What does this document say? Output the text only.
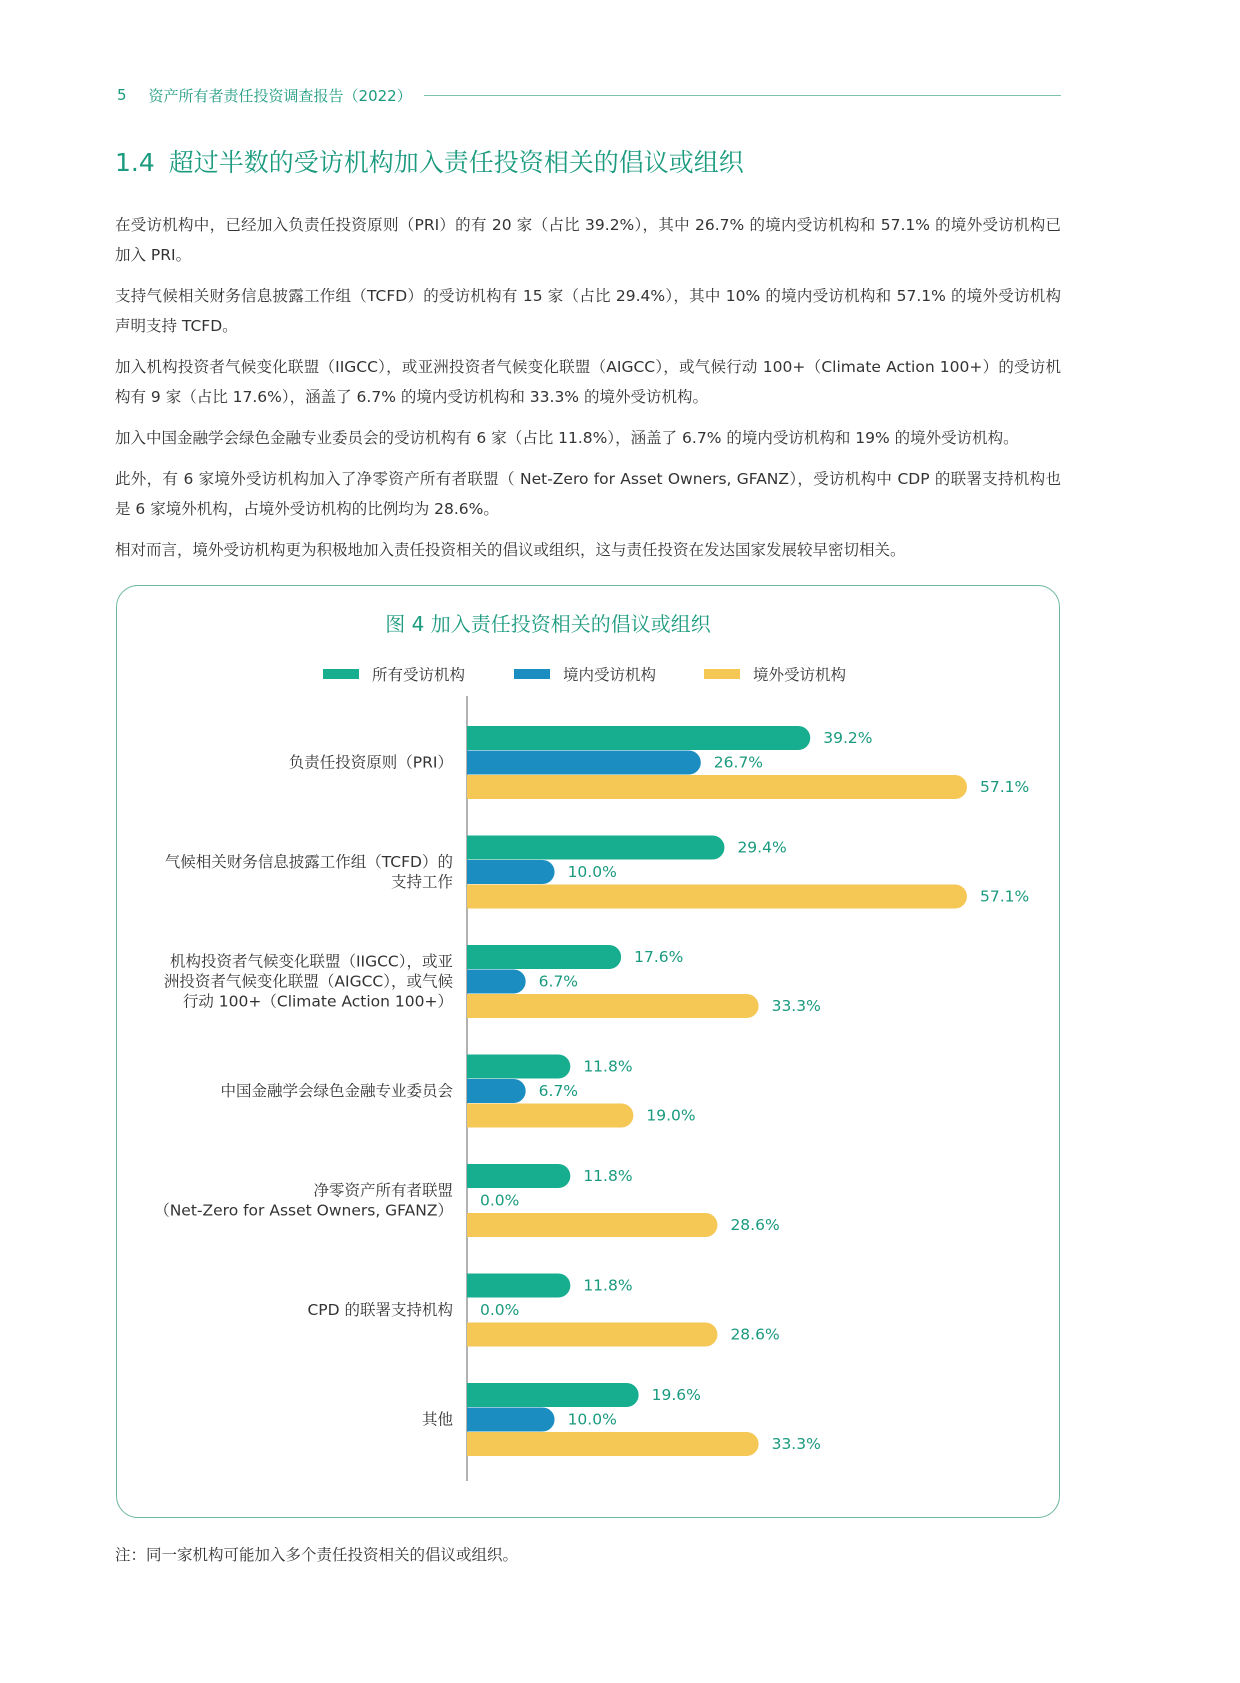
5 资产所有者责任投资调查报告（2022）
1.4 超过半数的受访机构加入责任投资相关的倡议或组织

在受访机构中，已经加入负责任投资原则（PRI）的有 20 家（占比 39.2%），其中 26.7% 的境内受访机构和 57.1% 的境外受访机构已加入 PRI。

支持气候相关财务信息披露工作组（TCFD）的受访机构有 15 家（占比 29.4%），其中 10% 的境内受访机构和 57.1% 的境外受访机构声明支持 TCFD。

加入机构投资者气候变化联盟（IIGCC），或亚洲投资者气候变化联盟（AIGCC），或气候行动 100+（Climate Action 100+）的受访机构有 9 家（占比 17.6%），涵盖了 6.7% 的境内受访机构和 33.3% 的境外受访机构。

加入中国金融学会绿色金融专业委员会的受访机构有 6 家（占比 11.8%），涵盖了 6.7% 的境内受访机构和 19% 的境外受访机构。

此外，有 6 家境外受访机构加入了净零资产所有者联盟（ Net-Zero for Asset Owners, GFANZ），受访机构中 CDP 的联署支持机构也是 6 家境外机构，占境外受访机构的比例均为 28.6%。

相对而言，境外受访机构更为积极地加入责任投资相关的倡议或组织，这与责任投资在发达国家发展较早密切相关。

图 4 加入责任投资相关的倡议或组织
所有受访机构	境内受访机构	境外受访机构
负责任投资原则（PRI）
39.2%
26.7%
57.1%
气候相关财务信息披露工作组（TCFD）的
支持工作
29.4%
10.0%
57.1%
机构投资者气候变化联盟（IIGCC），或亚
洲投资者气候变化联盟（AIGCC），或气候
行动 100+（Climate Action 100+）
17.6%
6.7%
33.3%
中国金融学会绿色金融专业委员会
11.8%
6.7%
19.0%
净零资产所有者联盟
（Net-Zero for Asset Owners, GFANZ）
11.8%
0.0%
28.6%
CPD 的联署支持机构
11.8%
0.0%
28.6%
其他
19.6%
10.0%
33.3%
注：同一家机构可能加入多个责任投资相关的倡议或组织。
